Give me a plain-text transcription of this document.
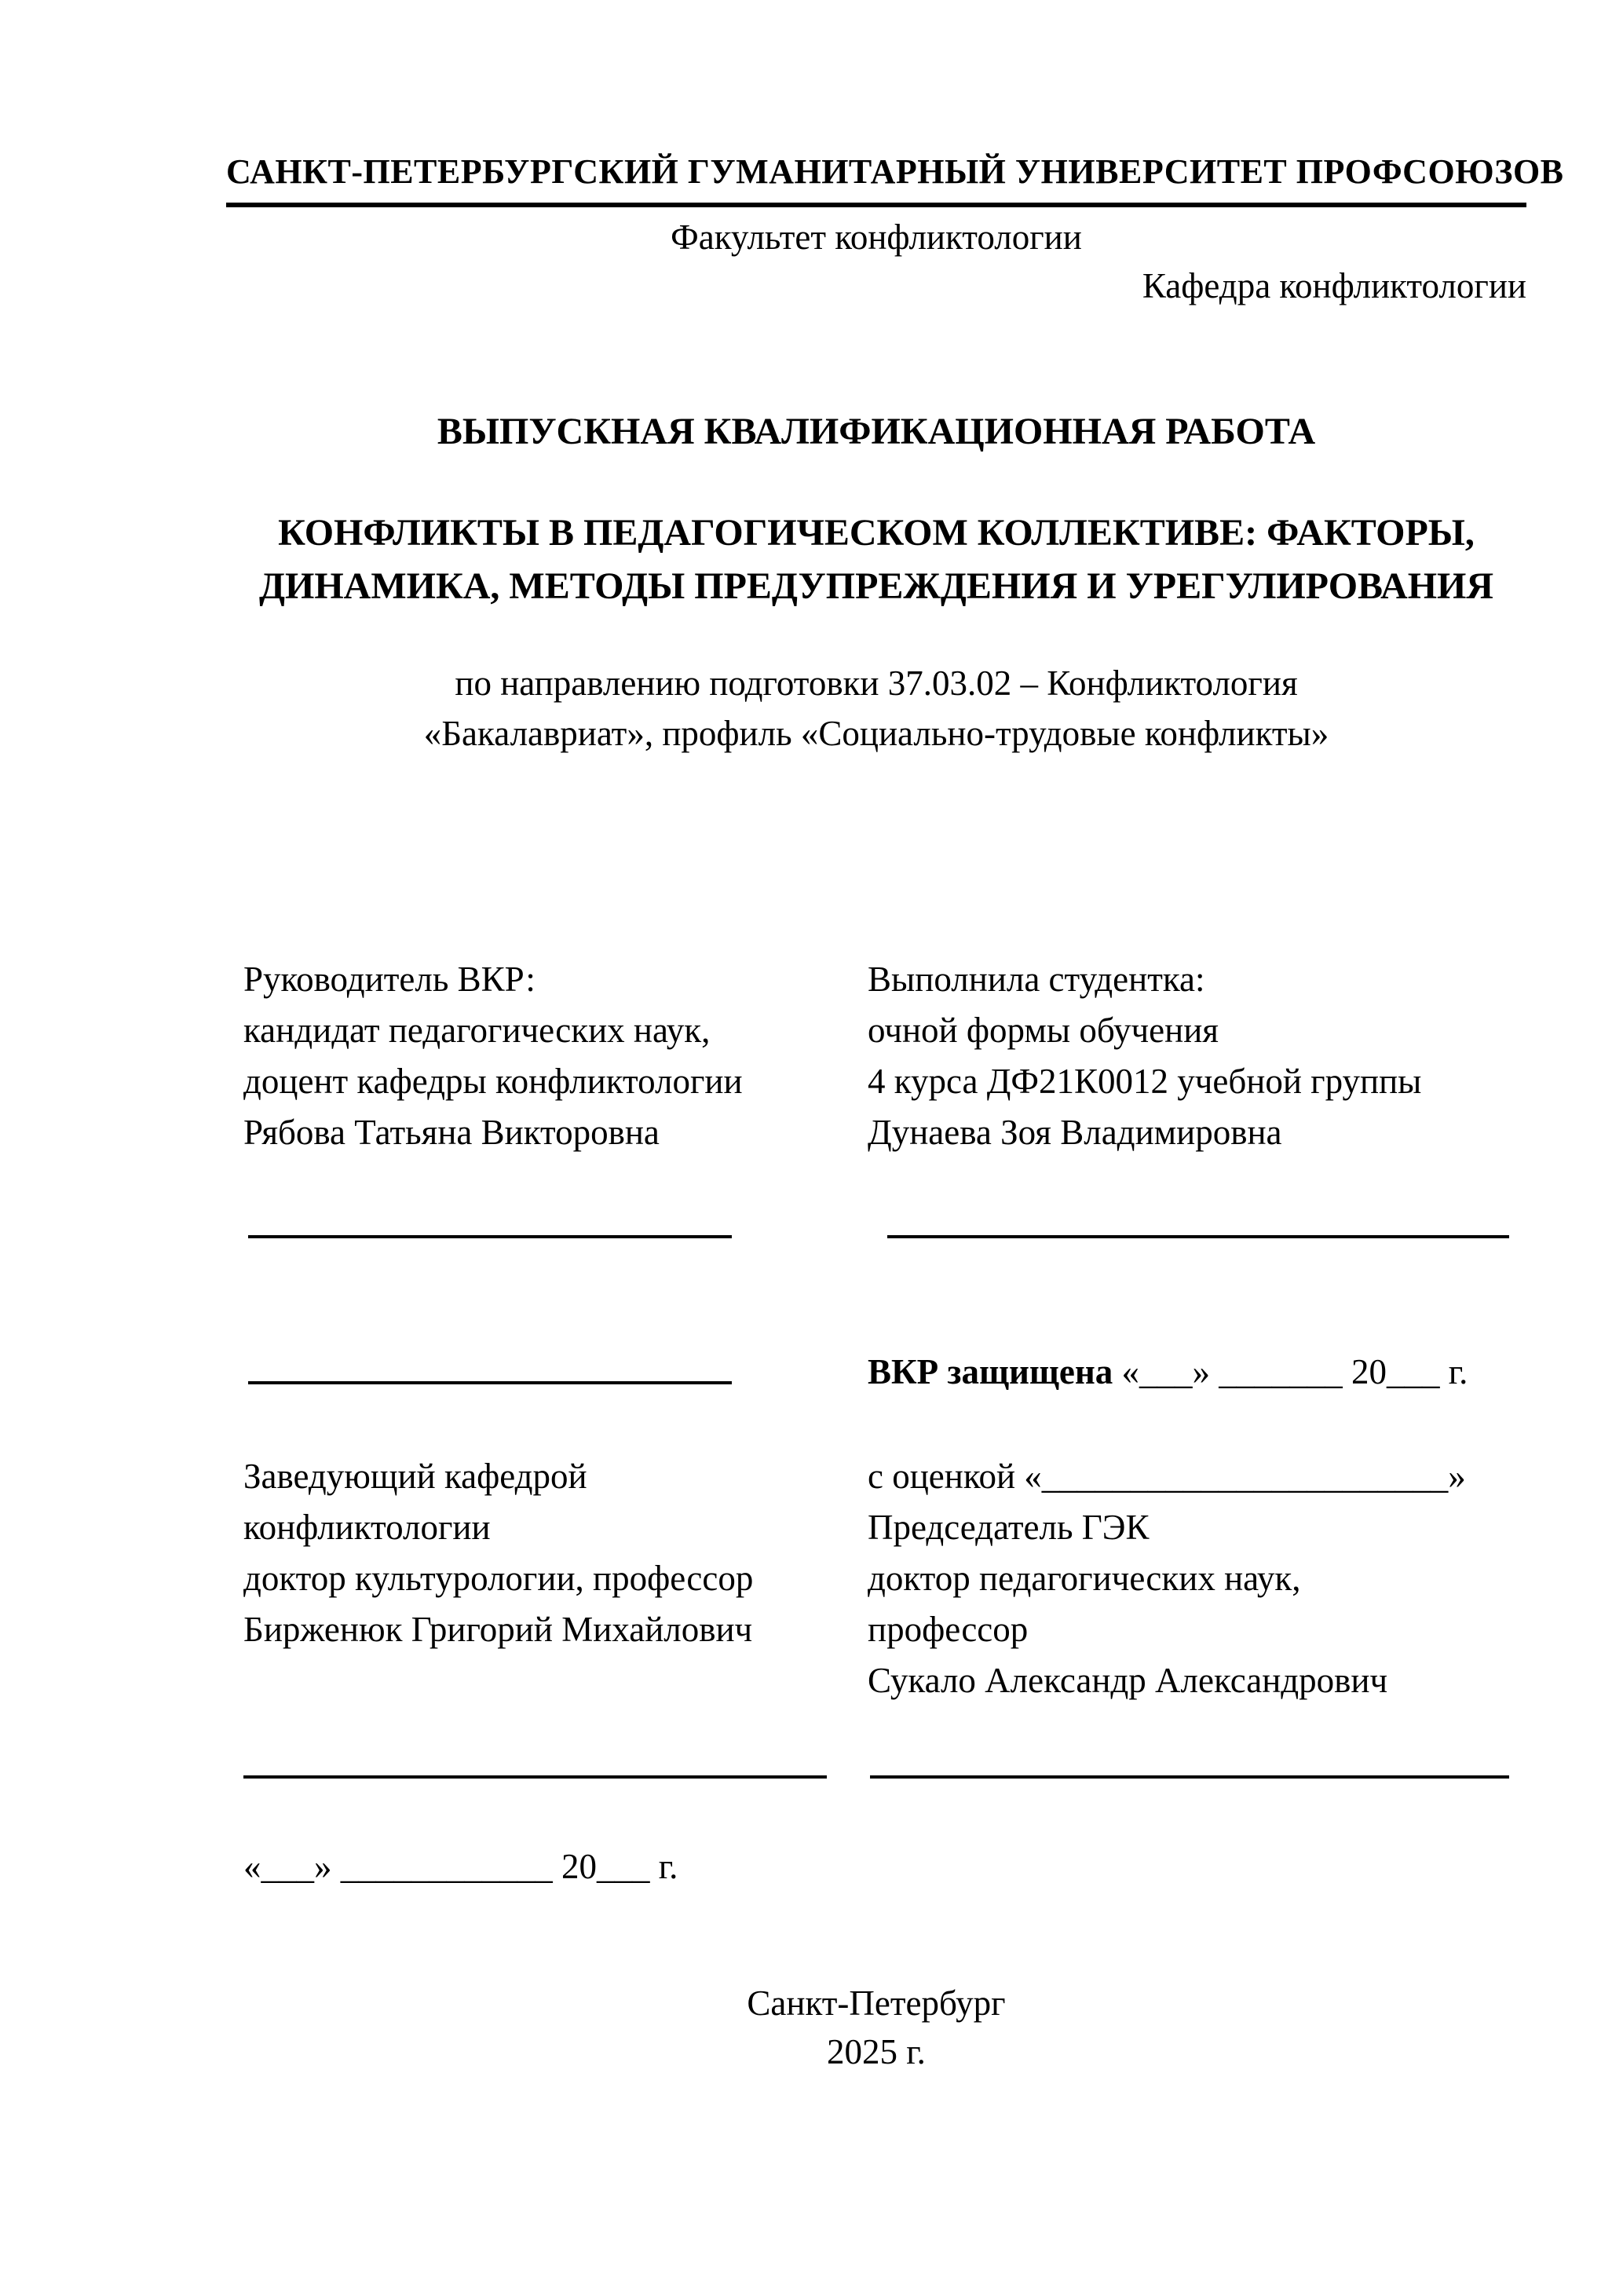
САНКТ-ПЕТЕРБУРГСКИЙ ГУМАНИТАРНЫЙ УНИВЕРСИТЕТ ПРОФСОЮЗОВ
Факультет конфликтологии
Кафедра конфликтологии
ВЫПУСКНАЯ КВАЛИФИКАЦИОННАЯ РАБОТА
КОНФЛИКТЫ В ПЕДАГОГИЧЕСКОМ КОЛЛЕКТИВЕ: ФАКТОРЫ,
ДИНАМИКА, МЕТОДЫ ПРЕДУПРЕЖДЕНИЯ И УРЕГУЛИРОВАНИЯ
по направлению подготовки 37.03.02 – Конфликтология
«Бакалавриат», профиль «Социально-трудовые конфликты»
Руководитель ВКР:
кандидат педагогических наук,
доцент кафедры конфликтологии
Рябова Татьяна Викторовна
Выполнила студентка:
очной формы обучения
4 курса ДФ21К0012 учебной группы
Дунаева Зоя Владимировна
ВКР защищена «___» _______ 20___ г.
Заведующий кафедрой
конфликтологии
доктор культурологии, профессор
Бирженюк Григорий Михайлович
с оценкой «_______________________»
Председатель ГЭК
доктор педагогических наук,
профессор
Сукало Александр Александрович
«___» ____________ 20___ г.
Санкт-Петербург
2025 г.
